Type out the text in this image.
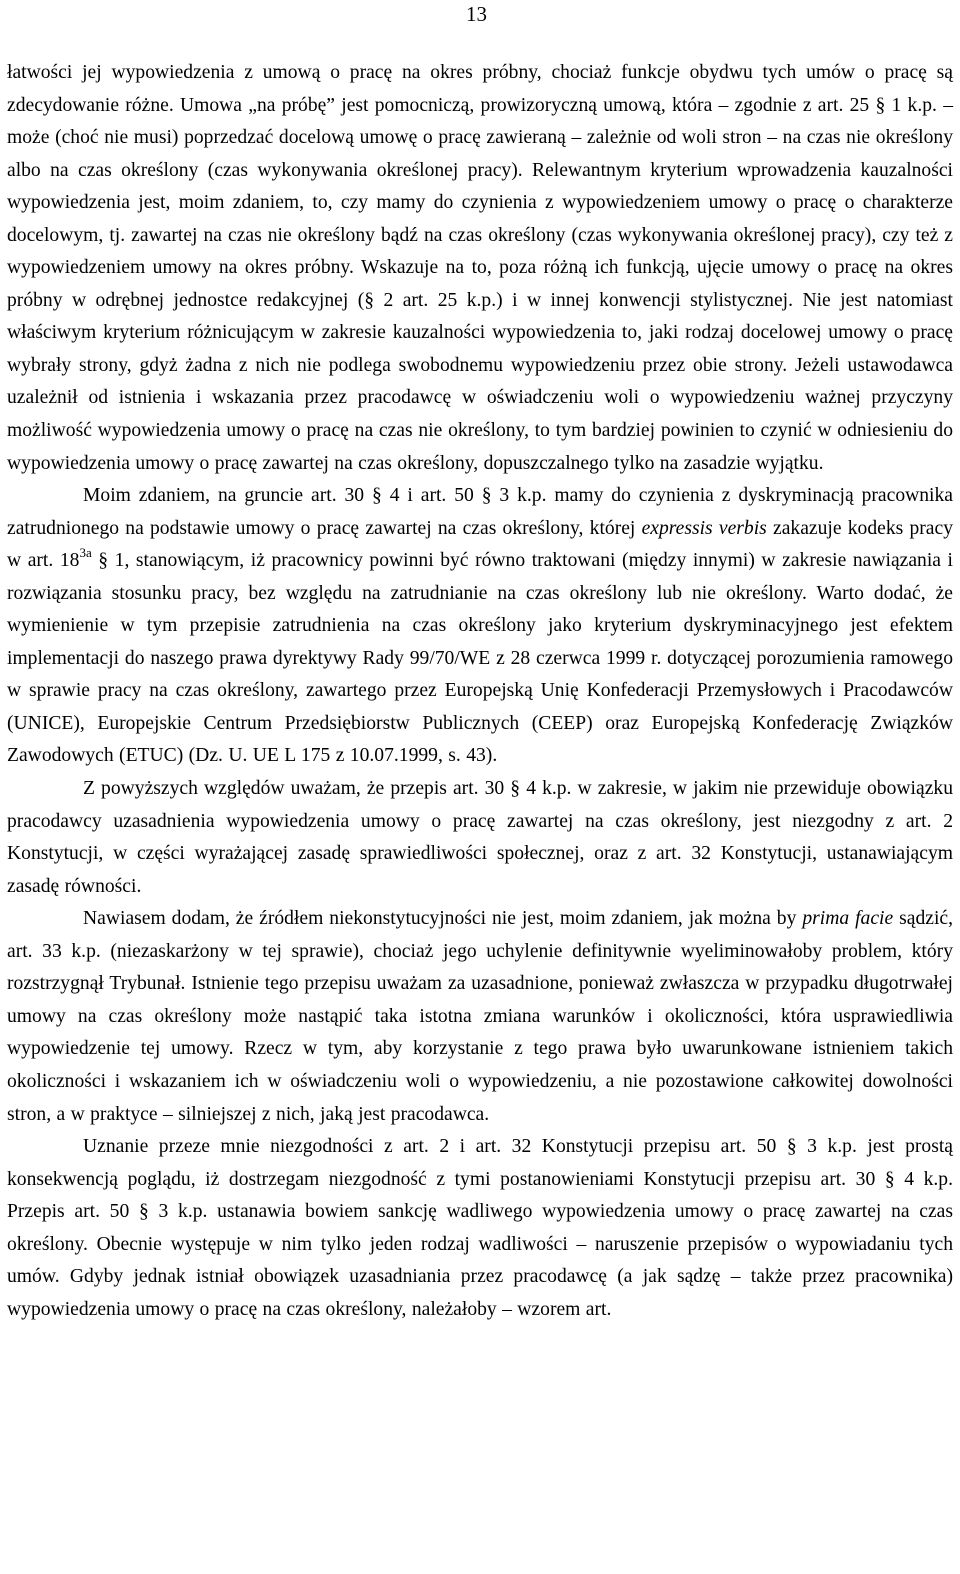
13

łatwości jej wypowiedzenia z umową o pracę na okres próbny, chociaż funkcje obydwu tych umów o pracę są zdecydowanie różne. Umowa „na próbę” jest pomocniczą, prowizoryczną umową, która – zgodnie z art. 25 § 1 k.p. – może (choć nie musi) poprzedzać docelową umowę o pracę zawieraną – zależnie od woli stron – na czas nie określony albo na czas określony (czas wykonywania określonej pracy). Relewantnym kryterium wprowadzenia kauzalności wypowiedzenia jest, moim zdaniem, to, czy mamy do czynienia z wypowiedzeniem umowy o pracę o charakterze docelowym, tj. zawartej na czas nie określony bądź na czas określony (czas wykonywania określonej pracy), czy też z wypowiedzeniem umowy na okres próbny. Wskazuje na to, poza różną ich funkcją, ujęcie umowy o pracę na okres próbny w odrębnej jednostce redakcyjnej (§ 2 art. 25 k.p.) i w innej konwencji stylistycznej. Nie jest natomiast właściwym kryterium różnicującym w zakresie kauzalności wypowiedzenia to, jaki rodzaj docelowej umowy o pracę wybrały strony, gdyż żadna z nich nie podlega swobodnemu wypowiedzeniu przez obie strony. Jeżeli ustawodawca uzależnił od istnienia i wskazania przez pracodawcę w oświadczeniu woli o wypowiedzeniu ważnej przyczyny możliwość wypowiedzenia umowy o pracę na czas nie określony, to tym bardziej powinien to czynić w odniesieniu do wypowiedzenia umowy o pracę zawartej na czas określony, dopuszczalnego tylko na zasadzie wyjątku.

Moim zdaniem, na gruncie art. 30 § 4 i art. 50 § 3 k.p. mamy do czynienia z dyskryminacją pracownika zatrudnionego na podstawie umowy o pracę zawartej na czas określony, której expressis verbis zakazuje kodeks pracy w art. $18^{3a}$ § 1, stanowiącym, iż pracownicy powinni być równo traktowani (między innymi) w zakresie nawiązania i rozwiązania stosunku pracy, bez względu na zatrudnianie na czas określony lub nie określony. Warto dodać, że wymienienie w tym przepisie zatrudnienia na czas określony jako kryterium dyskryminacyjnego jest efektem implementacji do naszego prawa dyrektywy Rady 99/70/WE z 28 czerwca 1999 r. dotyczącej porozumienia ramowego w sprawie pracy na czas określony, zawartego przez Europejską Unię Konfederacji Przemysłowych i Pracodawców (UNICE), Europejskie Centrum Przedsiębiorstw Publicznych (CEEP) oraz Europejską Konfederację Związków Zawodowych (ETUC) (Dz. U. UE L 175 z 10.07.1999, s. 43).

Z powyższych względów uważam, że przepis art. 30 § 4 k.p. w zakresie, w jakim nie przewiduje obowiązku pracodawcy uzasadnienia wypowiedzenia umowy o pracę zawartej na czas określony, jest niezgodny z art. 2 Konstytucji, w części wyrażającej zasadę sprawiedliwości społecznej, oraz z art. 32 Konstytucji, ustanawiającym zasadę równości.

Nawiasem dodam, że źródłem niekonstytucyjności nie jest, moim zdaniem, jak można by prima facie sądzić, art. 33 k.p. (niezaskarżony w tej sprawie), chociaż jego uchylenie definitywnie wyeliminowałoby problem, który rozstrzygnął Trybunał. Istnienie tego przepisu uważam za uzasadnione, ponieważ zwłaszcza w przypadku długotrwałej umowy na czas określony może nastąpić taka istotna zmiana warunków i okoliczności, która usprawiedliwia wypowiedzenie tej umowy. Rzecz w tym, aby korzystanie z tego prawa było uwarunkowane istnieniem takich okoliczności i wskazaniem ich w oświadczeniu woli o wypowiedzeniu, a nie pozostawione całkowitej dowolności stron, a w praktyce – silniejszej z nich, jaką jest pracodawca.

Uznanie przeze mnie niezgodności z art. 2 i art. 32 Konstytucji przepisu art. 50 § 3 k.p. jest prostą konsekwencją poglądu, iż dostrzegam niezgodność z tymi postanowieniami Konstytucji przepisu art. 30 § 4 k.p. Przepis art. 50 § 3 k.p. ustanawia bowiem sankcję wadliwego wypowiedzenia umowy o pracę zawartej na czas określony. Obecnie występuje w nim tylko jeden rodzaj wadliwości – naruszenie przepisów o wypowiadaniu tych umów. Gdyby jednak istniał obowiązek uzasadniania przez pracodawcę (a jak sądzę – także przez pracownika) wypowiedzenia umowy o pracę na czas określony, należałoby – wzorem art.
